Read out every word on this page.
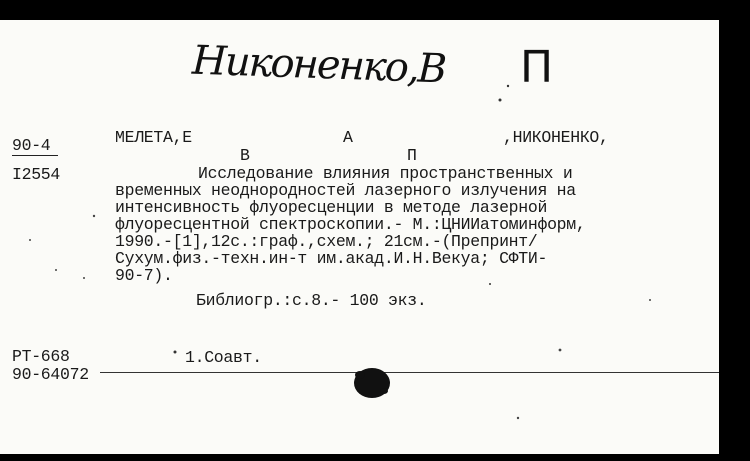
Никоненко,В П
90-4
I2554
МЕЛЕТА,Е	А	,НИКОНЕНКО,
В	П
Исследование влияния пространственных и
временных неоднородностей лазерного излучения на
интенсивность флуоресценции в методе лазерной
флуоресцентной спектроскопии.- М.:ЦНИИатоминформ,
1990.-[1],12с.:граф.,схем.; 21см.-(Препринт/
Сухум.физ.-техн.ин-т им.акад.И.Н.Векуа; СФТИ-
90-7).
Библиогр.:с.8.- 100 экз.
РТ-668
90-64072
1.Соавт.
